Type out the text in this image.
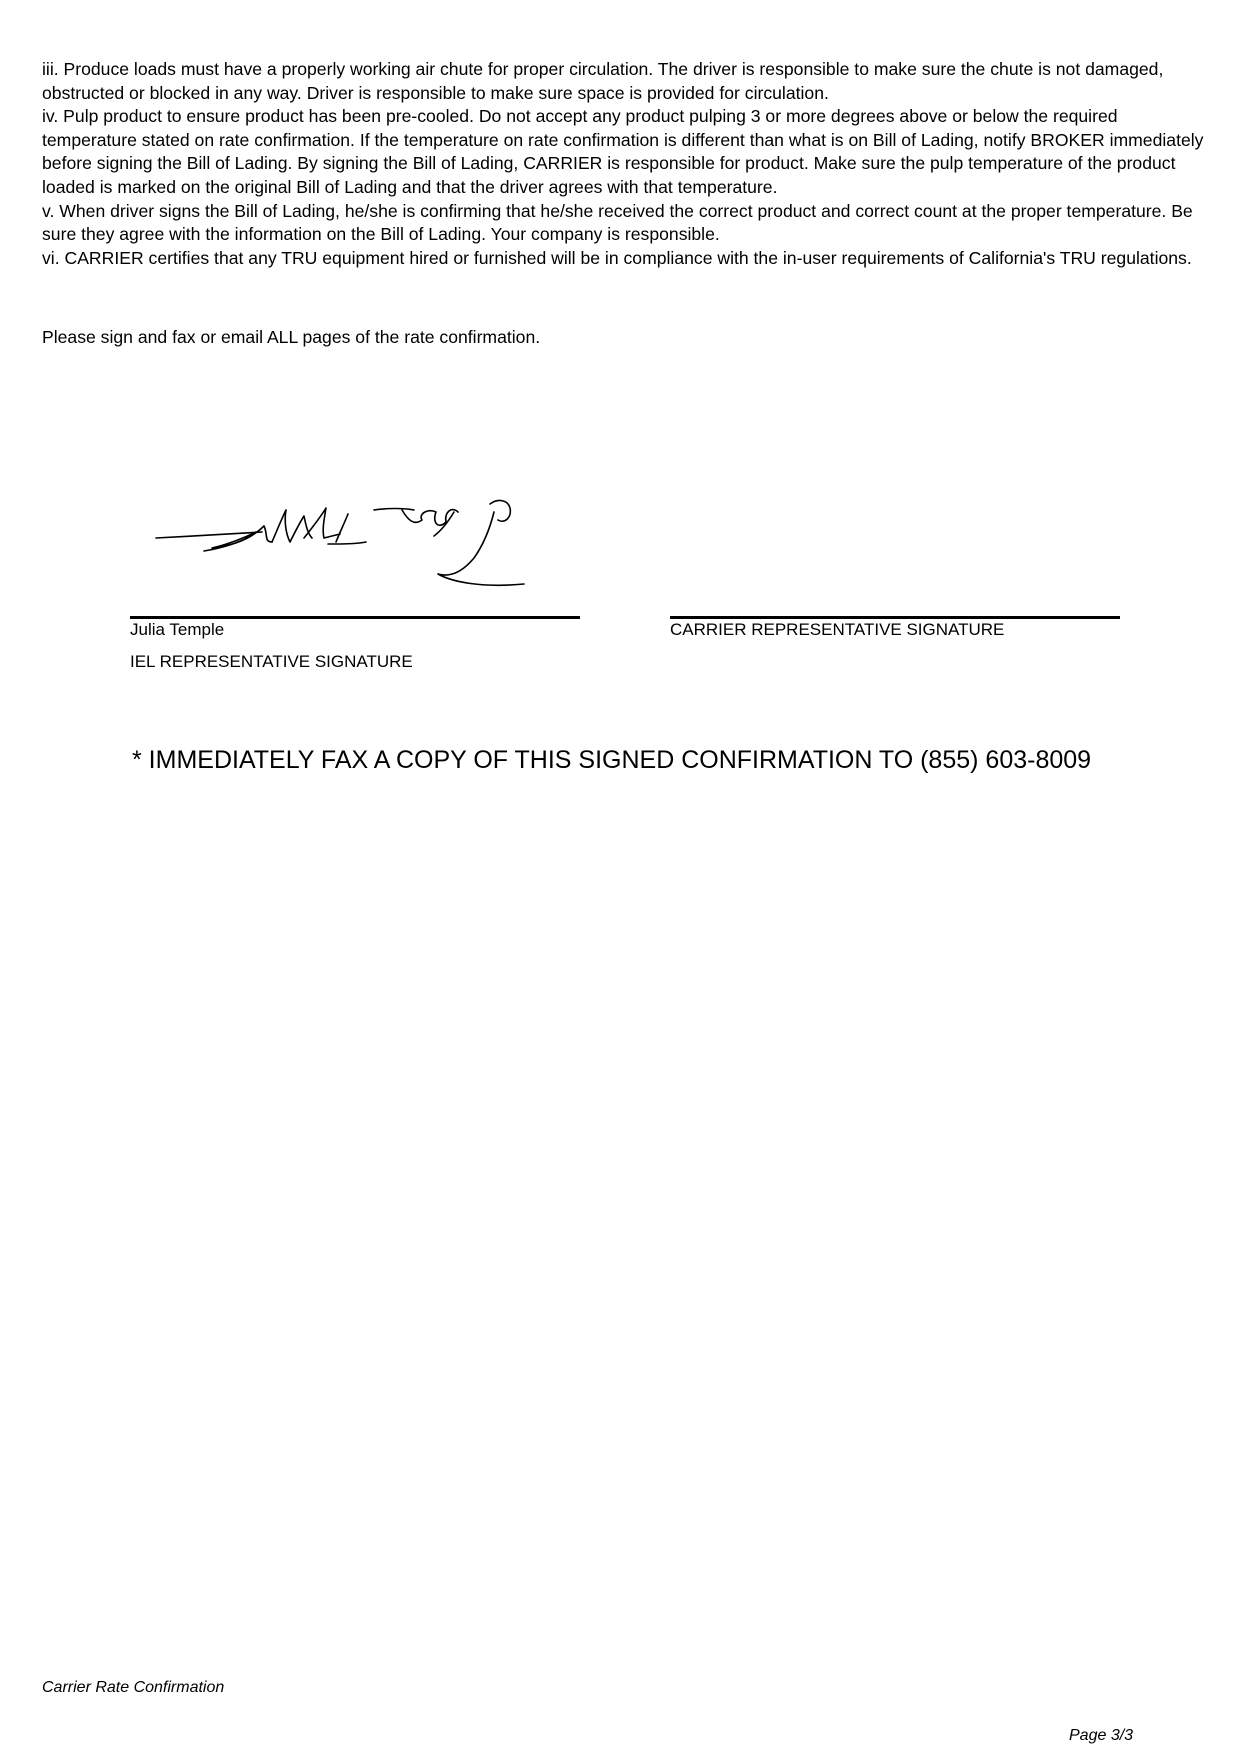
iii. Produce loads must have a properly working air chute for proper circulation. The driver is responsible to make sure the chute is not damaged, obstructed or blocked in any way. Driver is responsible to make sure space is provided for circulation.

iv. Pulp product to ensure product has been pre-cooled. Do not accept any product pulping 3 or more degrees above or below the required temperature stated on rate confirmation. If the temperature on rate confirmation is different than what is on Bill of Lading, notify BROKER immediately before signing the Bill of Lading. By signing the Bill of Lading, CARRIER is responsible for product. Make sure the pulp temperature of the product loaded is marked on the original Bill of Lading and that the driver agrees with that temperature.

v. When driver signs the Bill of Lading, he/she is confirming that he/she received the correct product and correct count at the proper temperature. Be sure they agree with the information on the Bill of Lading. Your company is responsible.

vi. CARRIER certifies that any TRU equipment hired or furnished will be in compliance with the in-user requirements of California's TRU regulations.

Please sign and fax or email ALL pages of the rate confirmation.
Julia Temple
IEL REPRESENTATIVE SIGNATURE
CARRIER REPRESENTATIVE SIGNATURE
* IMMEDIATELY FAX A COPY OF THIS SIGNED CONFIRMATION TO (855) 603-8009
Carrier Rate Confirmation
Page 3/3
